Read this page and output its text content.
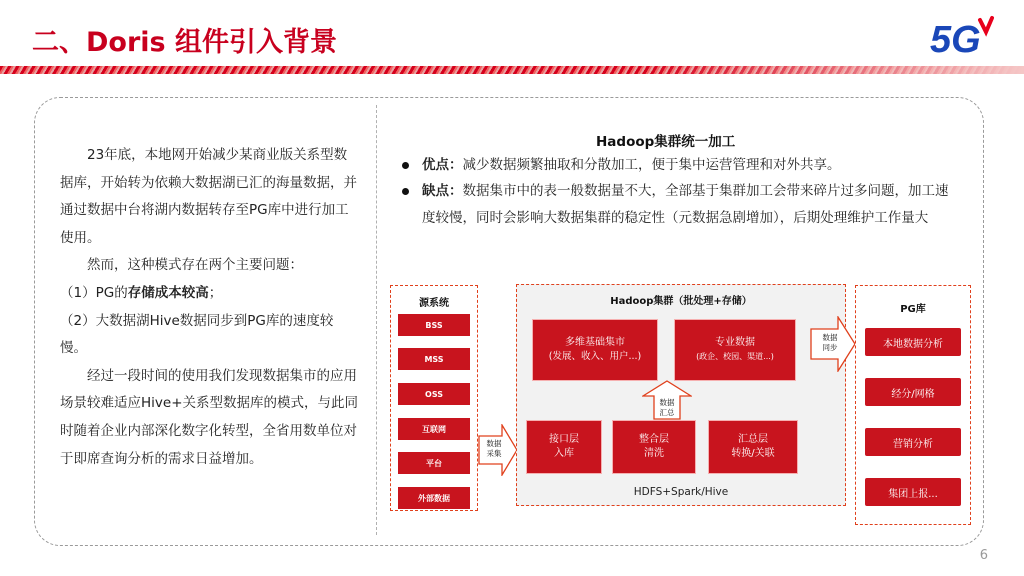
二、Doris 组件引入背景	5G

23年底，本地网开始减少某商业版关系型数据库，开始转为依赖大数据湖已汇的海量数据，并通过数据中台将湖内数据转存至PG库中进行加工使用。

然而，这种模式存在两个主要问题：

（1）PG的存储成本较高；

（2）大数据湖Hive数据同步到PG库的速度较慢。

经过一段时间的使用我们发现数据集市的应用场景较难适应Hive+关系型数据库的模式，与此同时随着企业内部深化数字化转型，全省用数单位对于即席查询分析的需求日益增加。

Hadoop集群统一加工
优点：减少数据频繁抽取和分散加工，便于集中运营管理和对外共享。
缺点：数据集市中的表一般数据量不大，全部基于集群加工会带来碎片过多问题，加工速度较慢，同时会影响大数据集群的稳定性（元数据急剧增加），后期处理维护工作量大
源系统
BSS
MSS
OSS
互联网
平台
外部数据
数据
采集
Hadoop集群（批处理+存储）
多维基础集市
(发展、收入、用户...)
专业数据
(政企、校园、渠道...)
数据
汇总
接口层
入库
整合层
清洗
汇总层
转换/关联
HDFS+Spark/Hive
数据
同步
PG库
本地数据分析
经分/网格
营销分析
集团上报...
6
